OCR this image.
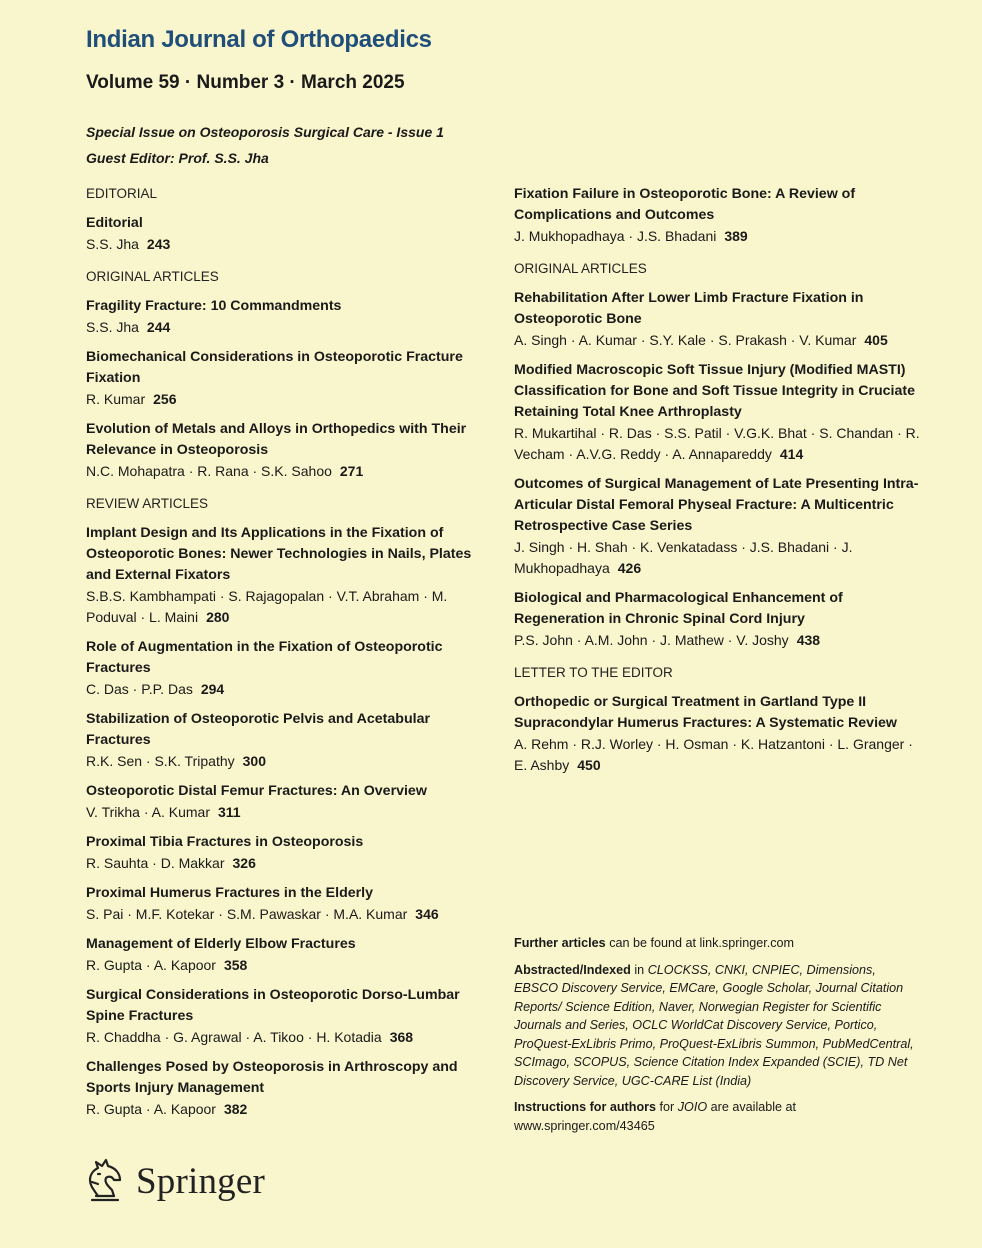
Indian Journal of Orthopaedics
Volume 59 · Number 3 · March 2025
Special Issue on Osteoporosis Surgical Care - Issue 1
Guest Editor: Prof. S.S. Jha
EDITORIAL
Editorial
S.S. Jha 243
ORIGINAL ARTICLES
Fragility Fracture: 10 Commandments
S.S. Jha 244
Biomechanical Considerations in Osteoporotic Fracture Fixation
R. Kumar 256
Evolution of Metals and Alloys in Orthopedics with Their Relevance in Osteoporosis
N.C. Mohapatra · R. Rana · S.K. Sahoo 271
REVIEW ARTICLES
Implant Design and Its Applications in the Fixation of Osteoporotic Bones: Newer Technologies in Nails, Plates and External Fixators
S.B.S. Kambhampati · S. Rajagopalan · V.T. Abraham · M. Poduval · L. Maini 280
Role of Augmentation in the Fixation of Osteoporotic Fractures
C. Das · P.P. Das 294
Stabilization of Osteoporotic Pelvis and Acetabular Fractures
R.K. Sen · S.K. Tripathy 300
Osteoporotic Distal Femur Fractures: An Overview
V. Trikha · A. Kumar 311
Proximal Tibia Fractures in Osteoporosis
R. Sauhta · D. Makkar 326
Proximal Humerus Fractures in the Elderly
S. Pai · M.F. Kotekar · S.M. Pawaskar · M.A. Kumar 346
Management of Elderly Elbow Fractures
R. Gupta · A. Kapoor 358
Surgical Considerations in Osteoporotic Dorso-Lumbar Spine Fractures
R. Chaddha · G. Agrawal · A. Tikoo · H. Kotadia 368
Challenges Posed by Osteoporosis in Arthroscopy and Sports Injury Management
R. Gupta · A. Kapoor 382
Fixation Failure in Osteoporotic Bone: A Review of Complications and Outcomes
J. Mukhopadhaya · J.S. Bhadani 389
ORIGINAL ARTICLES
Rehabilitation After Lower Limb Fracture Fixation in Osteoporotic Bone
A. Singh · A. Kumar · S.Y. Kale · S. Prakash · V. Kumar 405
Modified Macroscopic Soft Tissue Injury (Modified MASTI) Classification for Bone and Soft Tissue Integrity in Cruciate Retaining Total Knee Arthroplasty
R. Mukartihal · R. Das · S.S. Patil · V.G.K. Bhat · S. Chandan · R. Vecham · A.V.G. Reddy · A. Annapareddy 414
Outcomes of Surgical Management of Late Presenting Intra-Articular Distal Femoral Physeal Fracture: A Multicentric Retrospective Case Series
J. Singh · H. Shah · K. Venkatadass · J.S. Bhadani · J. Mukhopadhaya 426
Biological and Pharmacological Enhancement of Regeneration in Chronic Spinal Cord Injury
P.S. John · A.M. John · J. Mathew · V. Joshy 438
LETTER TO THE EDITOR
Orthopedic or Surgical Treatment in Gartland Type II Supracondylar Humerus Fractures: A Systematic Review
A. Rehm · R.J. Worley · H. Osman · K. Hatzantoni · L. Granger · E. Ashby 450

Further articles can be found at link.springer.com

Abstracted/Indexed in CLOCKSS, CNKI, CNPIEC, Dimensions, EBSCO Discovery Service, EMCare, Google Scholar, Journal Citation Reports/ Science Edition, Naver, Norwegian Register for Scientific Journals and Series, OCLC WorldCat Discovery Service, Portico, ProQuest-ExLibris Primo, ProQuest-ExLibris Summon, PubMedCentral, SCImago, SCOPUS, Science Citation Index Expanded (SCIE), TD Net Discovery Service, UGC-CARE List (India)

Instructions for authors for JOIO are available at www.springer.com/43465

Springer
